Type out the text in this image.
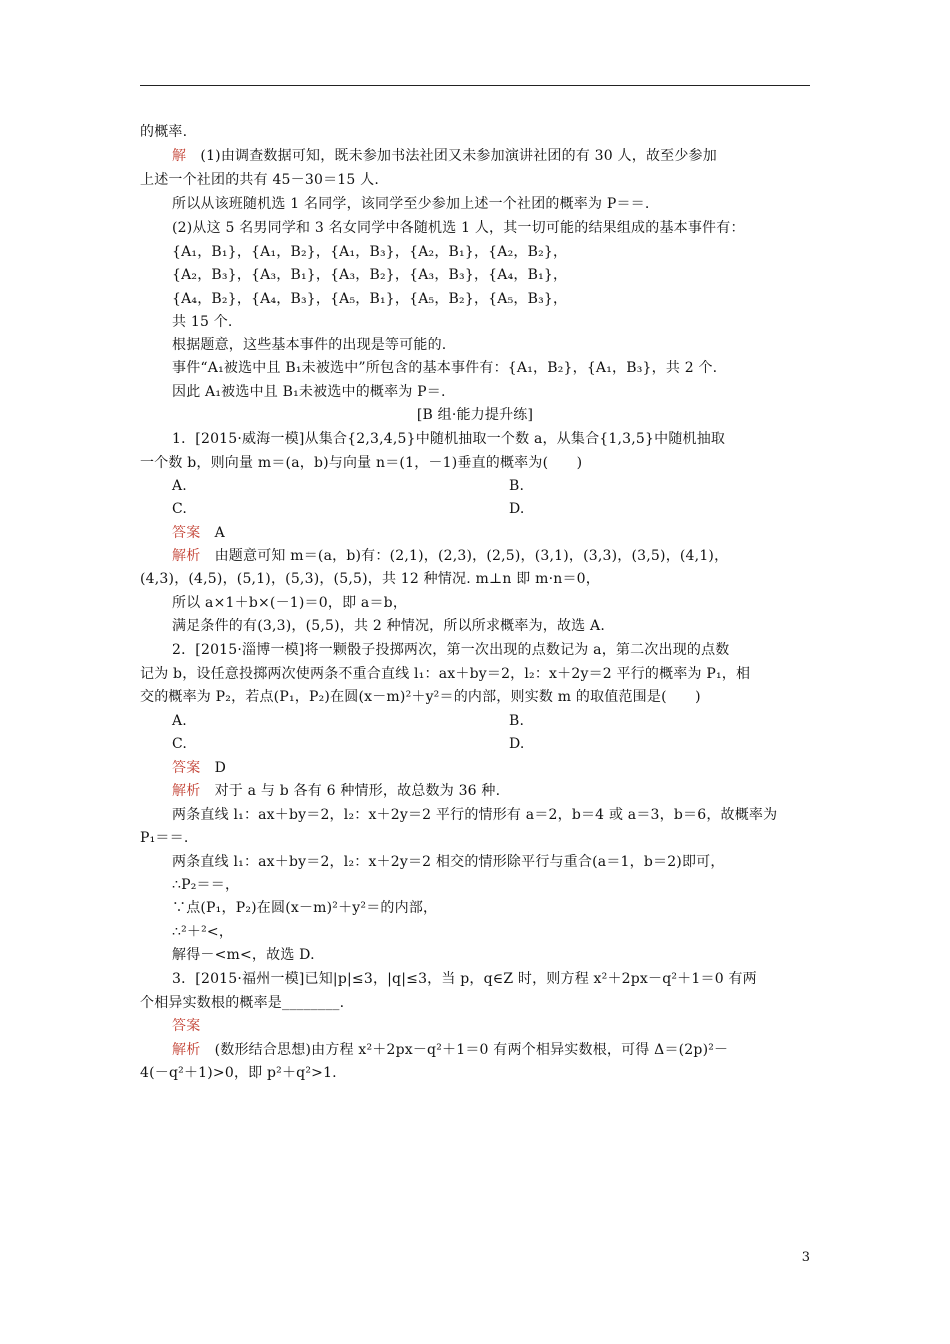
的概率.
解　(1)由调查数据可知，既未参加书法社团又未参加演讲社团的有 30 人，故至少参加
上述一个社团的共有 45－30＝15 人.
所以从该班随机选 1 名同学，该同学至少参加上述一个社团的概率为 P＝＝.
(2)从这 5 名男同学和 3 名女同学中各随机选 1 人，其一切可能的结果组成的基本事件有：
{A₁，B₁}，{A₁，B₂}，{A₁，B₃}，{A₂，B₁}，{A₂，B₂}，
{A₂，B₃}，{A₃，B₁}，{A₃，B₂}，{A₃，B₃}，{A₄，B₁}，
{A₄，B₂}，{A₄，B₃}，{A₅，B₁}，{A₅，B₂}，{A₅，B₃}，
共 15 个.
根据题意，这些基本事件的出现是等可能的.
事件“A₁被选中且 B₁未被选中”所包含的基本事件有：{A₁，B₂}，{A₁，B₃}，共 2 个.
因此 A₁被选中且 B₁未被选中的概率为 P＝.
[B 组·能力提升练]
1．[2015·威海一模]从集合{2,3,4,5}中随机抽取一个数 a，从集合{1,3,5}中随机抽取
一个数 b，则向量 m＝(a，b)与向量 n＝(1，－1)垂直的概率为(　　)
A.	B.
C.	D.
答案　A
解析　由题意可知 m＝(a，b)有：(2,1)，(2,3)，(2,5)，(3,1)，(3,3)，(3,5)，(4,1)，
(4,3)，(4,5)，(5,1)，(5,3)，(5,5)，共 12 种情况. m⊥n 即 m·n＝0，
所以 a×1＋b×(－1)＝0，即 a＝b，
满足条件的有(3,3)，(5,5)，共 2 种情况，所以所求概率为，故选 A.
2．[2015·淄博一模]将一颗骰子投掷两次，第一次出现的点数记为 a，第二次出现的点数
记为 b，设任意投掷两次使两条不重合直线 l₁：ax＋by＝2，l₂：x＋2y＝2 平行的概率为 P₁，相
交的概率为 P₂，若点(P₁，P₂)在圆(x－m)²＋y²＝的内部，则实数 m 的取值范围是(　　)
A.	B.
C.	D.
答案　D
解析　对于 a 与 b 各有 6 种情形，故总数为 36 种.
两条直线 l₁：ax＋by＝2，l₂：x＋2y＝2 平行的情形有 a＝2，b＝4 或 a＝3，b＝6，故概率为
P₁＝＝.
两条直线 l₁：ax＋by＝2，l₂：x＋2y＝2 相交的情形除平行与重合(a＝1，b＝2)即可，
∴P₂＝＝，
∵点(P₁，P₂)在圆(x－m)²＋y²＝的内部，
∴²＋²<，
解得－<m<，故选 D.
3．[2015·福州一模]已知|p|≤3，|q|≤3，当 p，q∈Z 时，则方程 x²＋2px－q²＋1＝0 有两
个相异实数根的概率是________.
答案
解析　(数形结合思想)由方程 x²＋2px－q²＋1＝0 有两个相异实数根，可得 Δ＝(2p)²－
4(－q²＋1)>0，即 p²＋q²>1.
3
